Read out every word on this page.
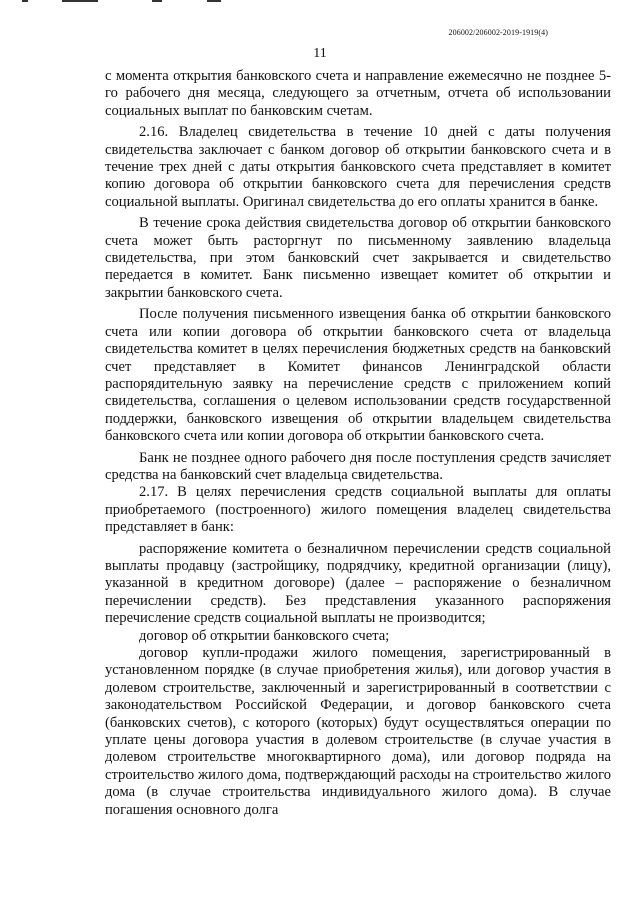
206002/206002-2019-1919(4)
11

с момента открытия банковского счета и направление ежемесячно не позднее 5-го рабочего дня месяца, следующего за отчетным, отчета об использовании социальных выплат по банковским счетам.

2.16. Владелец свидетельства в течение 10 дней с даты получения свидетельства заключает с банком договор об открытии банковского счета и в течение трех дней с даты открытия банковского счета представляет в комитет копию договора об открытии банковского счета для перечисления средств социальной выплаты. Оригинал свидетельства до его оплаты хранится в банке.

В течение срока действия свидетельства договор об открытии банковского счета может быть расторгнут по письменному заявлению владельца свидетельства, при этом банковский счет закрывается и свидетельство передается в комитет. Банк письменно извещает комитет об открытии и закрытии банковского счета.

После получения письменного извещения банка об открытии банковского счета или копии договора об открытии банковского счета от владельца свидетельства комитет в целях перечисления бюджетных средств на банковский счет представляет в Комитет финансов Ленинградской области распорядительную заявку на перечисление средств с приложением копий свидетельства, соглашения о целевом использовании средств государственной поддержки, банковского извещения об открытии владельцем свидетельства банковского счета или копии договора об открытии банковского счета.

Банк не позднее одного рабочего дня после поступления средств зачисляет средства на банковский счет владельца свидетельства.

2.17. В целях перечисления средств социальной выплаты для оплаты приобретаемого (построенного) жилого помещения владелец свидетельства представляет в банк:

распоряжение комитета о безналичном перечислении средств социальной выплаты продавцу (застройщику, подрядчику, кредитной организации (лицу), указанной в кредитном договоре) (далее – распоряжение о безналичном перечислении средств). Без представления указанного распоряжения перечисление средств социальной выплаты не производится;

договор об открытии банковского счета;

договор купли-продажи жилого помещения, зарегистрированный в установленном порядке (в случае приобретения жилья), или договор участия в долевом строительстве, заключенный и зарегистрированный в соответствии с законодательством Российской Федерации, и договор банковского счета (банковских счетов), с которого (которых) будут осуществляться операции по уплате цены договора участия в долевом строительстве (в случае участия в долевом строительстве многоквартирного дома), или договор подряда на строительство жилого дома, подтверждающий расходы на строительство жилого дома (в случае строительства индивидуального жилого дома). В случае погашения основного долга
